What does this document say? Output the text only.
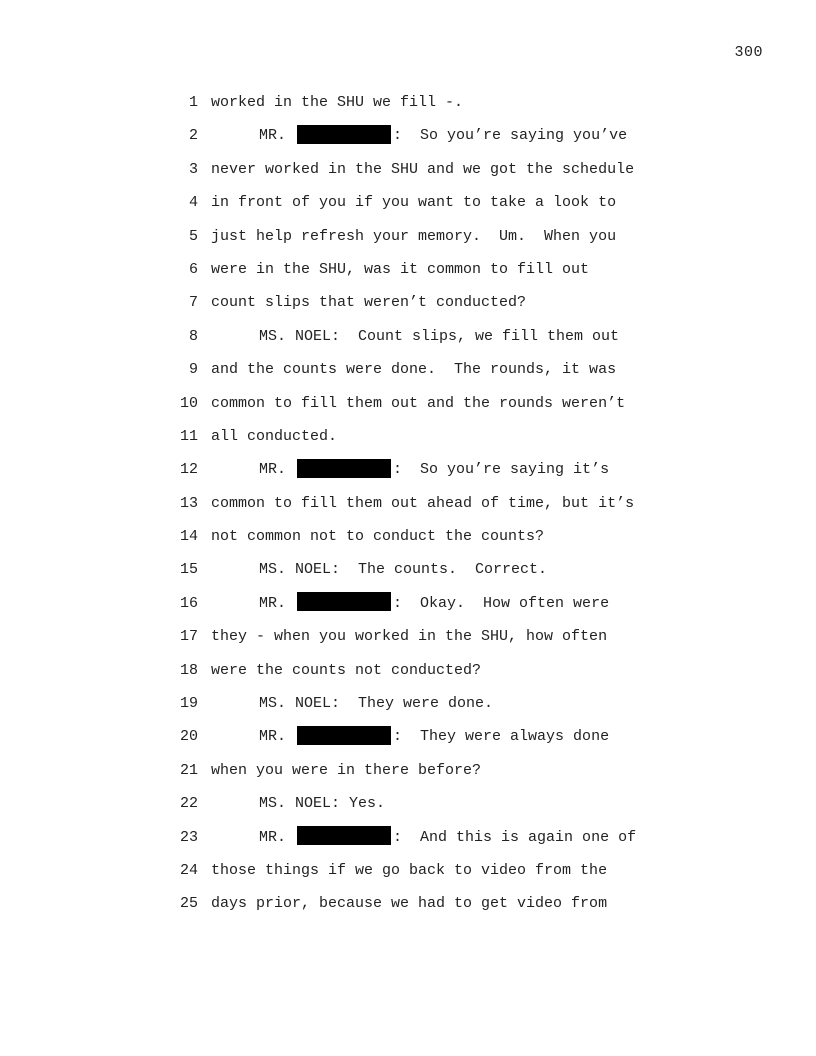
300
1 worked in the SHU we fill -.
2	MR.	:  So you’re saying you’ve
3 never worked in the SHU and we got the schedule
4 in front of you if you want to take a look to
5 just help refresh your memory.  Um.  When you
6 were in the SHU, was it common to fill out
7 count slips that weren’t conducted?
8	MS. NOEL:  Count slips, we fill them out
9 and the counts were done.  The rounds, it was
10 common to fill them out and the rounds weren’t
11 all conducted.
12	MR.	:  So you’re saying it’s
13 common to fill them out ahead of time, but it’s
14 not common not to conduct the counts?
15	MS. NOEL:  The counts.  Correct.
16	MR.	:  Okay.  How often were
17 they - when you worked in the SHU, how often
18 were the counts not conducted?
19	MS. NOEL:  They were done.
20	MR.	:  They were always done
21 when you were in there before?
22	MS. NOEL: Yes.
23	MR.	:  And this is again one of
24 those things if we go back to video from the
25 days prior, because we had to get video from
